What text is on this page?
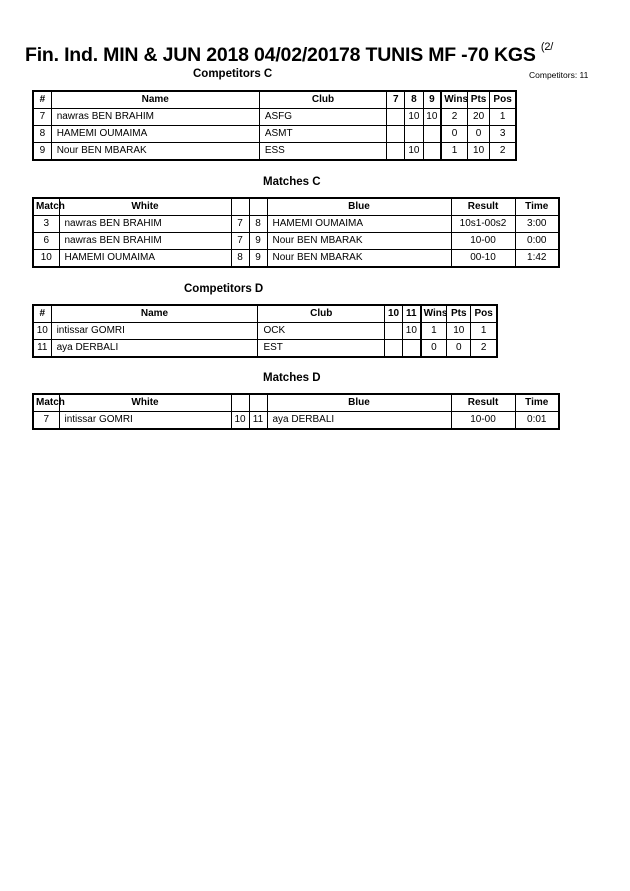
Fin. Ind. MIN & JUN 2018 04/02/20178 TUNIS MF -70 KGS $^{(2/}$
Competitors: 11
Competitors C
#	Name	Club	7	8	9	Wins	Pts	Pos
7	nawras BEN BRAHIM	ASFG		10	10	2	20	1
8	HAMEMI OUMAIMA	ASMT				0	0	3
9	Nour BEN MBARAK	ESS		10		1	10	2
Matches C
Match	White			Blue	Result	Time
3	nawras BEN BRAHIM	7	8	HAMEMI OUMAIMA	10s1-00s2	3:00
6	nawras BEN BRAHIM	7	9	Nour BEN MBARAK	10-00	0:00
10	HAMEMI OUMAIMA	8	9	Nour BEN MBARAK	00-10	1:42
Competitors D
#	Name	Club	10	11	Wins	Pts	Pos
10	intissar GOMRI	OCK		10	1	10	1
11	aya DERBALI	EST			0	0	2
Matches D
Match	White			Blue	Result	Time
7	intissar GOMRI	10	11	aya DERBALI	10-00	0:01
